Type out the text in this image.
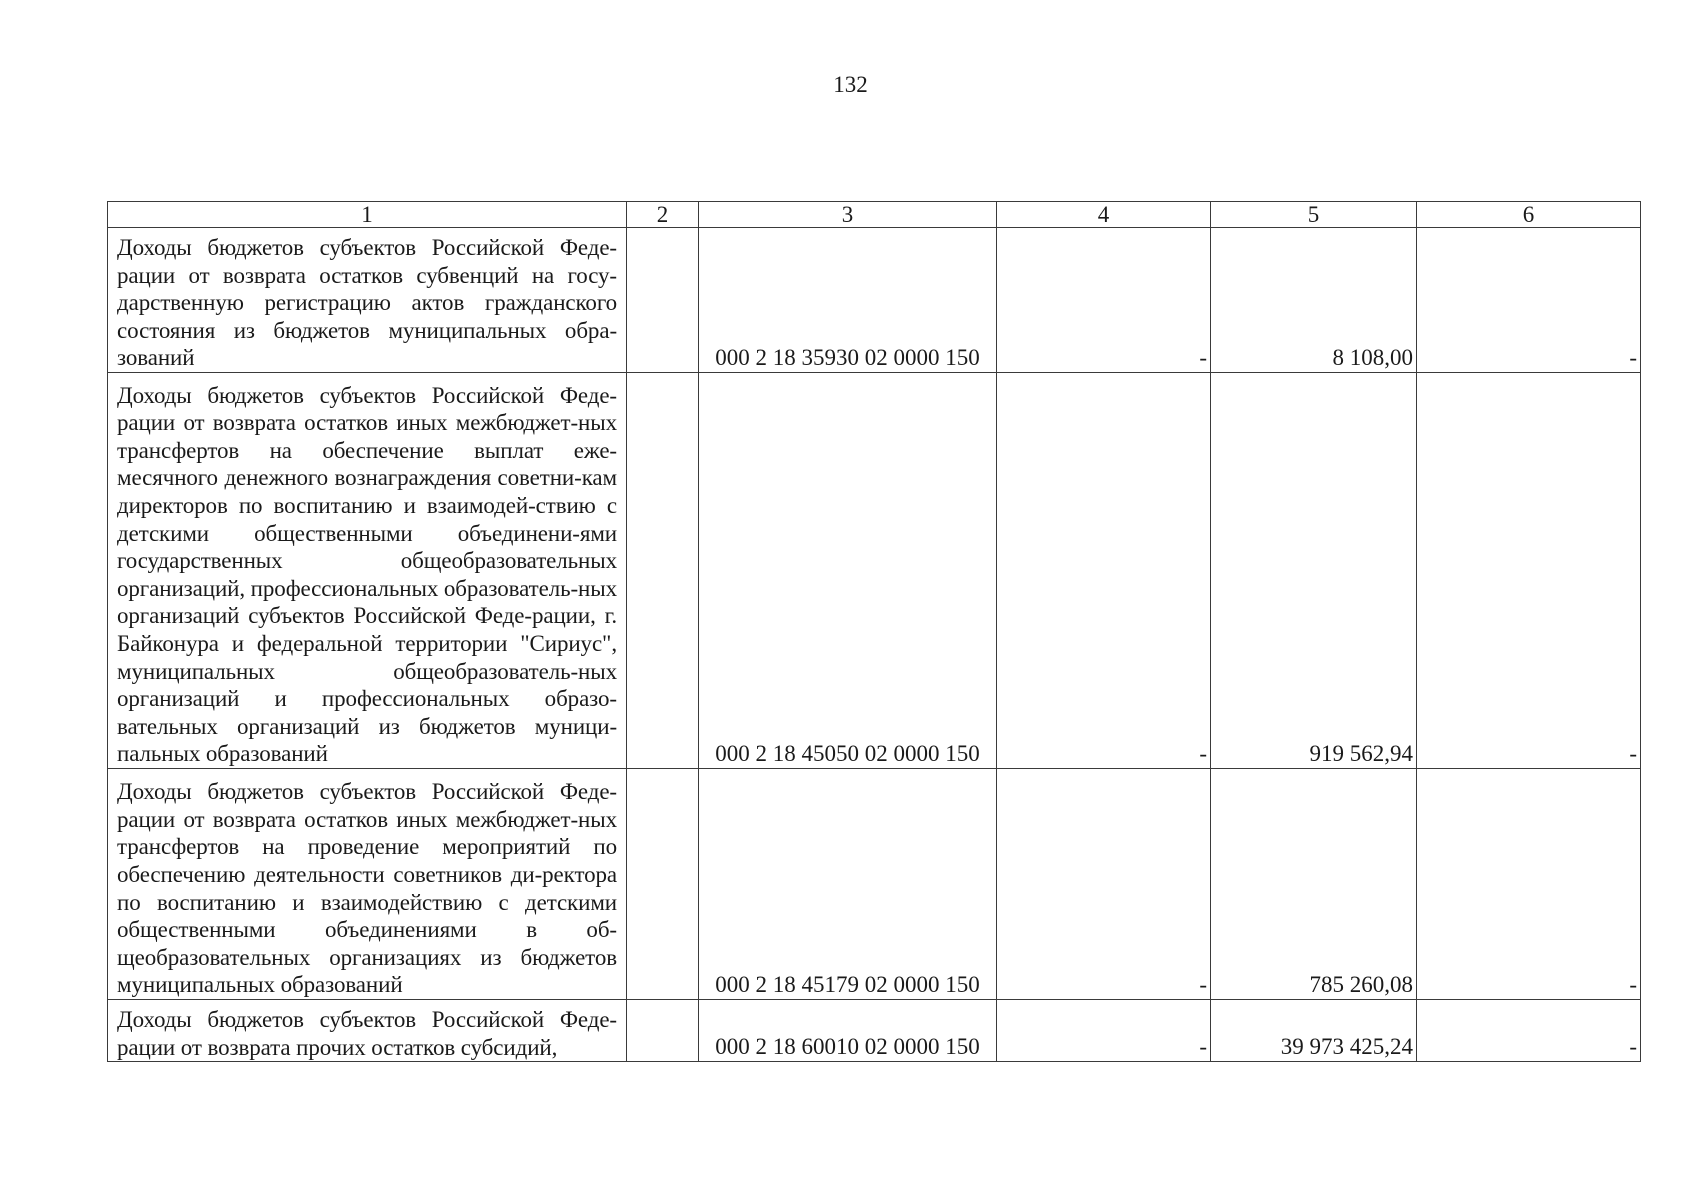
132
1	2	3	4	5	6
Доходы бюджетов субъектов Российской Феде-рации от возврата остатков субвенций на госу-дарственную регистрацию актов гражданского состояния из бюджетов муниципальных обра-зований		000 2 18 35930 02 0000 150	-	8 108,00	-
Доходы бюджетов субъектов Российской Феде-рации от возврата остатков иных межбюджет-ных трансфертов на обеспечение выплат еже-месячного денежного вознаграждения советни-кам директоров по воспитанию и взаимодей-ствию с детскими общественными объединени-ями государственных общеобразовательных организаций, профессиональных образователь-ных организаций субъектов Российской Феде-рации, г. Байконура и федеральной территории "Сириус", муниципальных общеобразователь-ных организаций и профессиональных образо-вательных организаций из бюджетов муници-пальных образований		000 2 18 45050 02 0000 150	-	919 562,94	-
Доходы бюджетов субъектов Российской Феде-рации от возврата остатков иных межбюджет-ных трансфертов на проведение мероприятий по обеспечению деятельности советников ди-ректора по воспитанию и взаимодействию с детскими общественными объединениями в об-щеобразовательных организациях из бюджетов муниципальных образований		000 2 18 45179 02 0000 150	-	785 260,08	-
Доходы бюджетов субъектов Российской Феде-рации от возврата прочих остатков субсидий,		000 2 18 60010 02 0000 150	-	39 973 425,24	-
